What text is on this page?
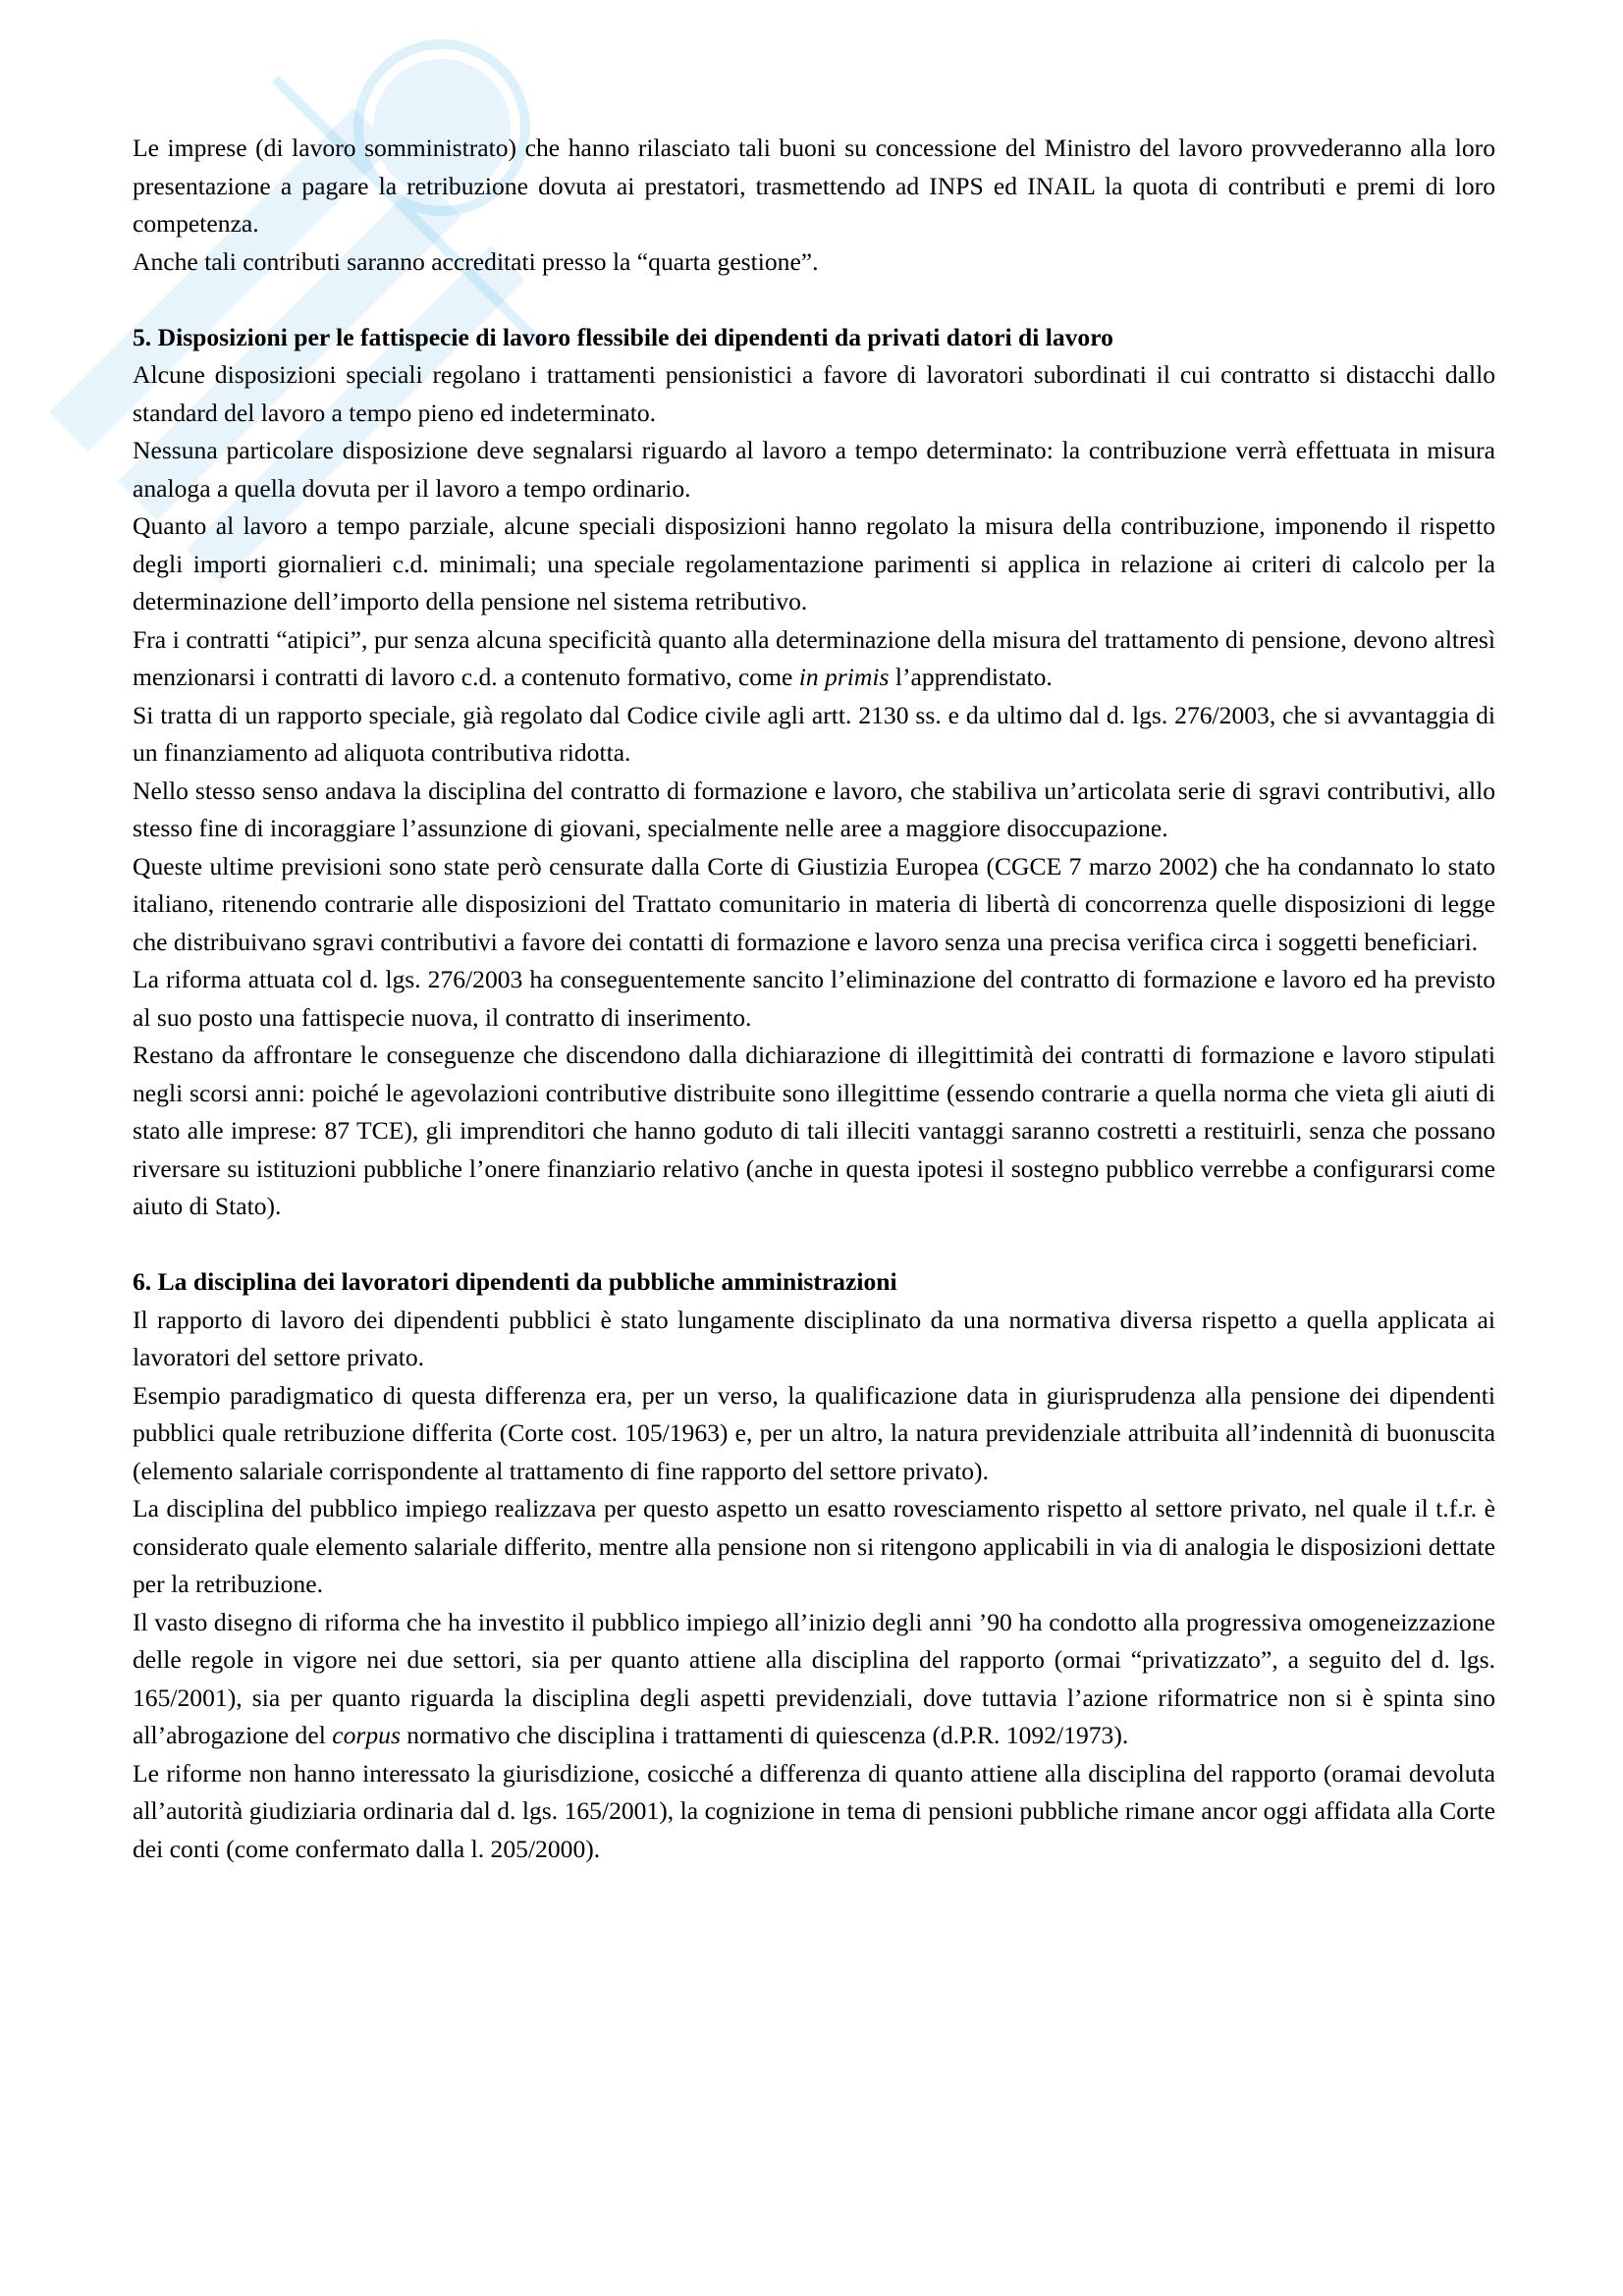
Le imprese (di lavoro somministrato) che hanno rilasciato tali buoni su concessione del Ministro del lavoro provvederanno alla loro presentazione a pagare la retribuzione dovuta ai prestatori, trasmettendo ad INPS ed INAIL la quota di contributi e premi di loro competenza.

Anche tali contributi saranno accreditati presso la “quarta gestione”.

5. Disposizioni per le fattispecie di lavoro flessibile dei dipendenti da privati datori di lavoro

Alcune disposizioni speciali regolano i trattamenti pensionistici a favore di lavoratori subordinati il cui contratto si distacchi dallo standard del lavoro a tempo pieno ed indeterminato.

Nessuna particolare disposizione deve segnalarsi riguardo al lavoro a tempo determinato: la contribuzione verrà effettuata in misura analoga a quella dovuta per il lavoro a tempo ordinario.

Quanto al lavoro a tempo parziale, alcune speciali disposizioni hanno regolato la misura della contribuzione, imponendo il rispetto degli importi giornalieri c.d. minimali; una speciale regolamentazione parimenti si applica in relazione ai criteri di calcolo per la determinazione dell’importo della pensione nel sistema retributivo.

Fra i contratti “atipici”, pur senza alcuna specificità quanto alla determinazione della misura del trattamento di pensione, devono altresì menzionarsi i contratti di lavoro c.d. a contenuto formativo, come in primis l’apprendistato.

Si tratta di un rapporto speciale, già regolato dal Codice civile agli artt. 2130 ss. e da ultimo dal d. lgs. 276/2003, che si avvantaggia di un finanziamento ad aliquota contributiva ridotta.

Nello stesso senso andava la disciplina del contratto di formazione e lavoro, che stabiliva un’articolata serie di sgravi contributivi, allo stesso fine di incoraggiare l’assunzione di giovani, specialmente nelle aree a maggiore disoccupazione.

Queste ultime previsioni sono state però censurate dalla Corte di Giustizia Europea (CGCE 7 marzo 2002) che ha condannato lo stato italiano, ritenendo contrarie alle disposizioni del Trattato comunitario in materia di libertà di concorrenza quelle disposizioni di legge che distribuivano sgravi contributivi a favore dei contatti di formazione e lavoro senza una precisa verifica circa i soggetti beneficiari.

La riforma attuata col d. lgs. 276/2003 ha conseguentemente sancito l’eliminazione del contratto di formazione e lavoro ed ha previsto al suo posto una fattispecie nuova, il contratto di inserimento.

Restano da affrontare le conseguenze che discendono dalla dichiarazione di illegittimità dei contratti di formazione e lavoro stipulati negli scorsi anni: poiché le agevolazioni contributive distribuite sono illegittime (essendo contrarie a quella norma che vieta gli aiuti di stato alle imprese: 87 TCE), gli imprenditori che hanno goduto di tali illeciti vantaggi saranno costretti a restituirli, senza che possano riversare su istituzioni pubbliche l’onere finanziario relativo (anche in questa ipotesi il sostegno pubblico verrebbe a configurarsi come aiuto di Stato).

6. La disciplina dei lavoratori dipendenti da pubbliche amministrazioni

Il rapporto di lavoro dei dipendenti pubblici è stato lungamente disciplinato da una normativa diversa rispetto a quella applicata ai lavoratori del settore privato.

Esempio paradigmatico di questa differenza era, per un verso, la qualificazione data in giurisprudenza alla pensione dei dipendenti pubblici quale retribuzione differita (Corte cost. 105/1963) e, per un altro, la natura previdenziale attribuita all’indennità di buonuscita (elemento salariale corrispondente al trattamento di fine rapporto del settore privato).

La disciplina del pubblico impiego realizzava per questo aspetto un esatto rovesciamento rispetto al settore privato, nel quale il t.f.r. è considerato quale elemento salariale differito, mentre alla pensione non si ritengono applicabili in via di analogia le disposizioni dettate per la retribuzione.

Il vasto disegno di riforma che ha investito il pubblico impiego all’inizio degli anni ’90 ha condotto alla progressiva omogeneizzazione delle regole in vigore nei due settori, sia per quanto attiene alla disciplina del rapporto (ormai “privatizzato”, a seguito del d. lgs. 165/2001), sia per quanto riguarda la disciplina degli aspetti previdenziali, dove tuttavia l’azione riformatrice non si è spinta sino all’abrogazione del corpus normativo che disciplina i trattamenti di quiescenza (d.P.R. 1092/1973).

Le riforme non hanno interessato la giurisdizione, cosicché a differenza di quanto attiene alla disciplina del rapporto (oramai devoluta all’autorità giudiziaria ordinaria dal d. lgs. 165/2001), la cognizione in tema di pensioni pubbliche rimane ancor oggi affidata alla Corte dei conti (come confermato dalla l. 205/2000).
